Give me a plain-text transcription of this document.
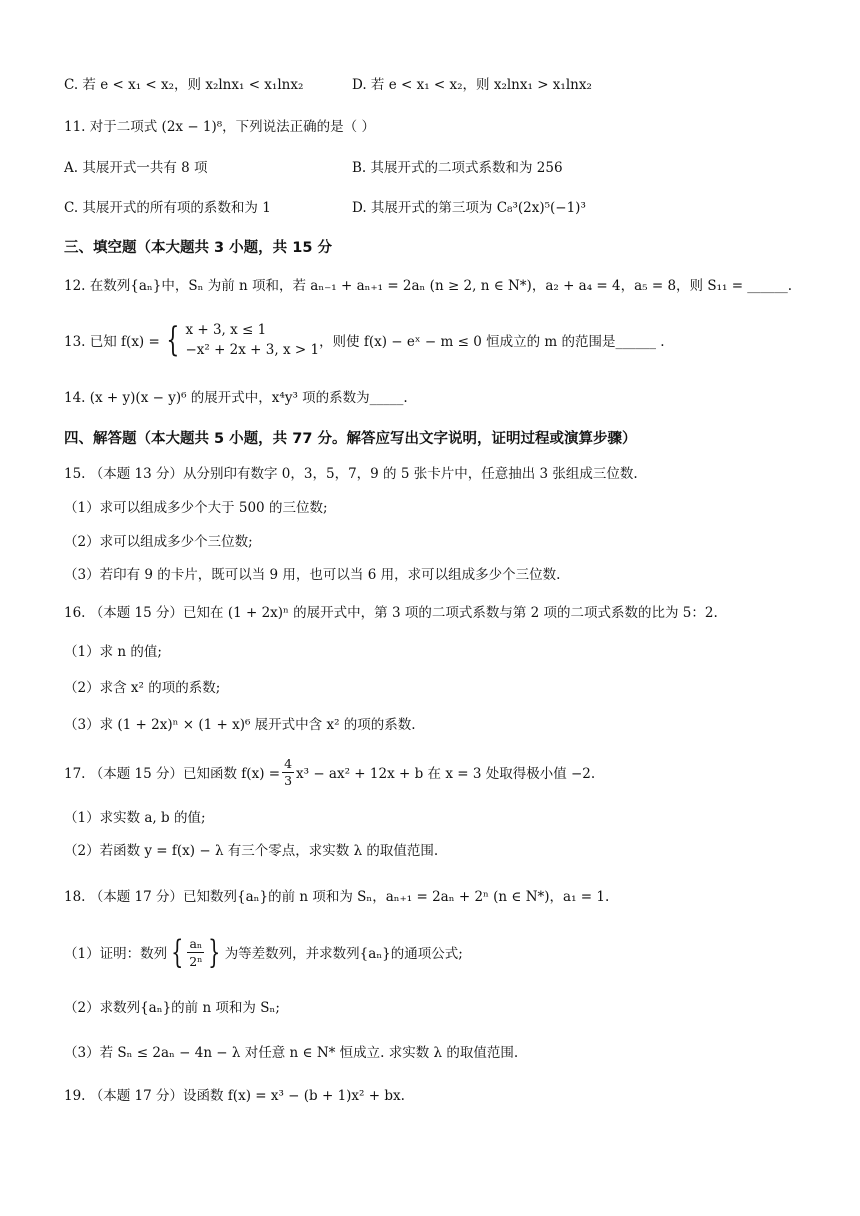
C. 若 e < x₁ < x₂，则 x₂lnx₁ < x₁lnx₂	D. 若 e < x₁ < x₂，则 x₂lnx₁ > x₁lnx₂
11. 对于二项式 (2x − 1)⁸，下列说法正确的是（ ）
A. 其展开式一共有 8 项	B. 其展开式的二项式系数和为 256
C. 其展开式的所有项的系数和为 1	D. 其展开式的第三项为 C₈³(2x)⁵(−1)³
三、填空题（本大题共 3 小题，共 15 分
12. 在数列{aₙ}中，Sₙ 为前 n 项和，若 aₙ₋₁ + aₙ₊₁ = 2aₙ (n ≥ 2, n ∈ N*)，a₂ + a₄ = 4，a₅ = 8，则 S₁₁ = ______.
13. 已知 f(x) = { x + 3, x ≤ 1
−x² + 2x + 3, x > 1 ，则使 f(x) − eˣ − m ≤ 0 恒成立的 m 的范围是______ .
14. (x + y)(x − y)⁶ 的展开式中，x⁴y³ 项的系数为_____.
四、解答题（本大题共 5 小题，共 77 分。解答应写出文字说明，证明过程或演算步骤）
15. （本题 13 分）从分别印有数字 0，3，5，7，9 的 5 张卡片中，任意抽出 3 张组成三位数.
（1）求可以组成多少个大于 500 的三位数;
（2）求可以组成多少个三位数;
（3）若印有 9 的卡片，既可以当 9 用，也可以当 6 用，求可以组成多少个三位数.
16. （本题 15 分）已知在 (1 + 2x)ⁿ 的展开式中，第 3 项的二项式系数与第 2 项的二项式系数的比为 5：2.
（1）求 n 的值;
（2）求含 x² 的项的系数;
（3）求 (1 + 2x)ⁿ × (1 + x)⁶ 展开式中含 x² 的项的系数.
17. （本题 15 分）已知函数 $f(x) = \frac{4}{3} x^3 - ax^2 + 12x + b$ 在 x = 3 处取得极小值 −2.
（1）求实数 a, b 的值;
（2）若函数 y = f(x) − λ 有三个零点，求实数 λ 的取值范围.
18. （本题 17 分）已知数列{aₙ}的前 n 项和为 Sₙ，aₙ₊₁ = 2aₙ + 2ⁿ (n ∈ N*)，a₁ = 1.
（1）证明：数列 { $\frac{\text{aₙ}}{\text{2ⁿ}}$ } 为等差数列，并求数列{aₙ}的通项公式;
（2）求数列{aₙ}的前 n 项和为 Sₙ;
（3）若 Sₙ ≤ 2aₙ − 4n − λ 对任意 n ∈ N* 恒成立. 求实数 λ 的取值范围.
19. （本题 17 分）设函数 f(x) = x³ − (b + 1)x² + bx.
